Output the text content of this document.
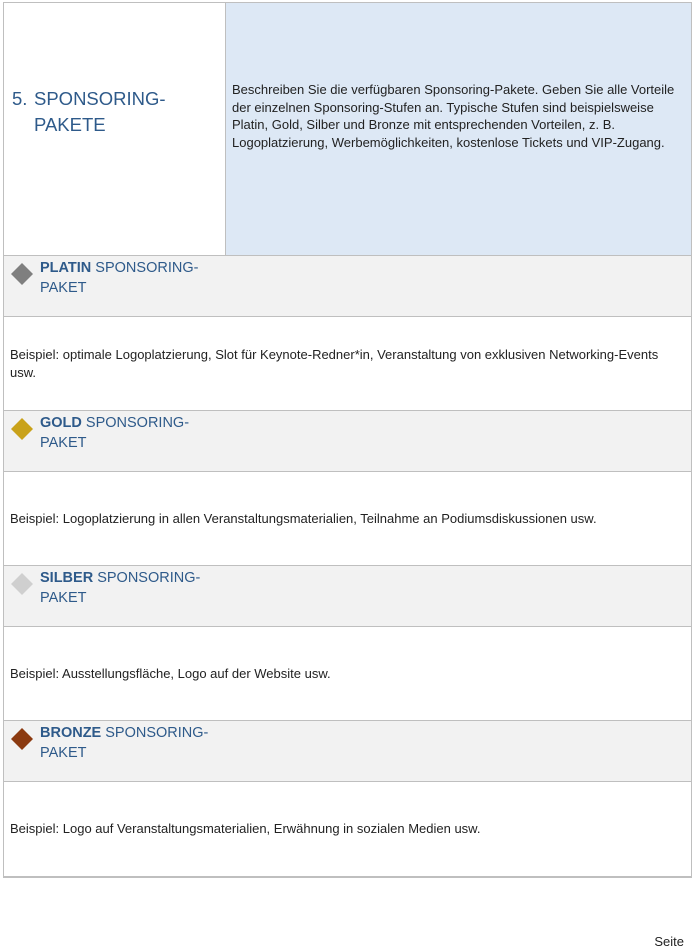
5. SPONSORING-PAKETE
Beschreiben Sie die verfügbaren Sponsoring-Pakete. Geben Sie alle Vorteile der einzelnen Sponsoring-Stufen an. Typische Stufen sind beispielsweise Platin, Gold, Silber und Bronze mit entsprechenden Vorteilen, z. B. Logoplatzierung, Werbemöglichkeiten, kostenlose Tickets und VIP-Zugang.
PLATIN SPONSORING-PAKET
Beispiel: optimale Logoplatzierung, Slot für Keynote-Redner*in, Veranstaltung von exklusiven Networking-Events usw.
GOLD SPONSORING-PAKET
Beispiel: Logoplatzierung in allen Veranstaltungsmaterialien, Teilnahme an Podiumsdiskussionen usw.
SILBER SPONSORING-PAKET
Beispiel: Ausstellungsfläche, Logo auf der Website usw.
BRONZE SPONSORING-PAKET
Beispiel: Logo auf Veranstaltungsmaterialien, Erwähnung in sozialen Medien usw.
Seite
